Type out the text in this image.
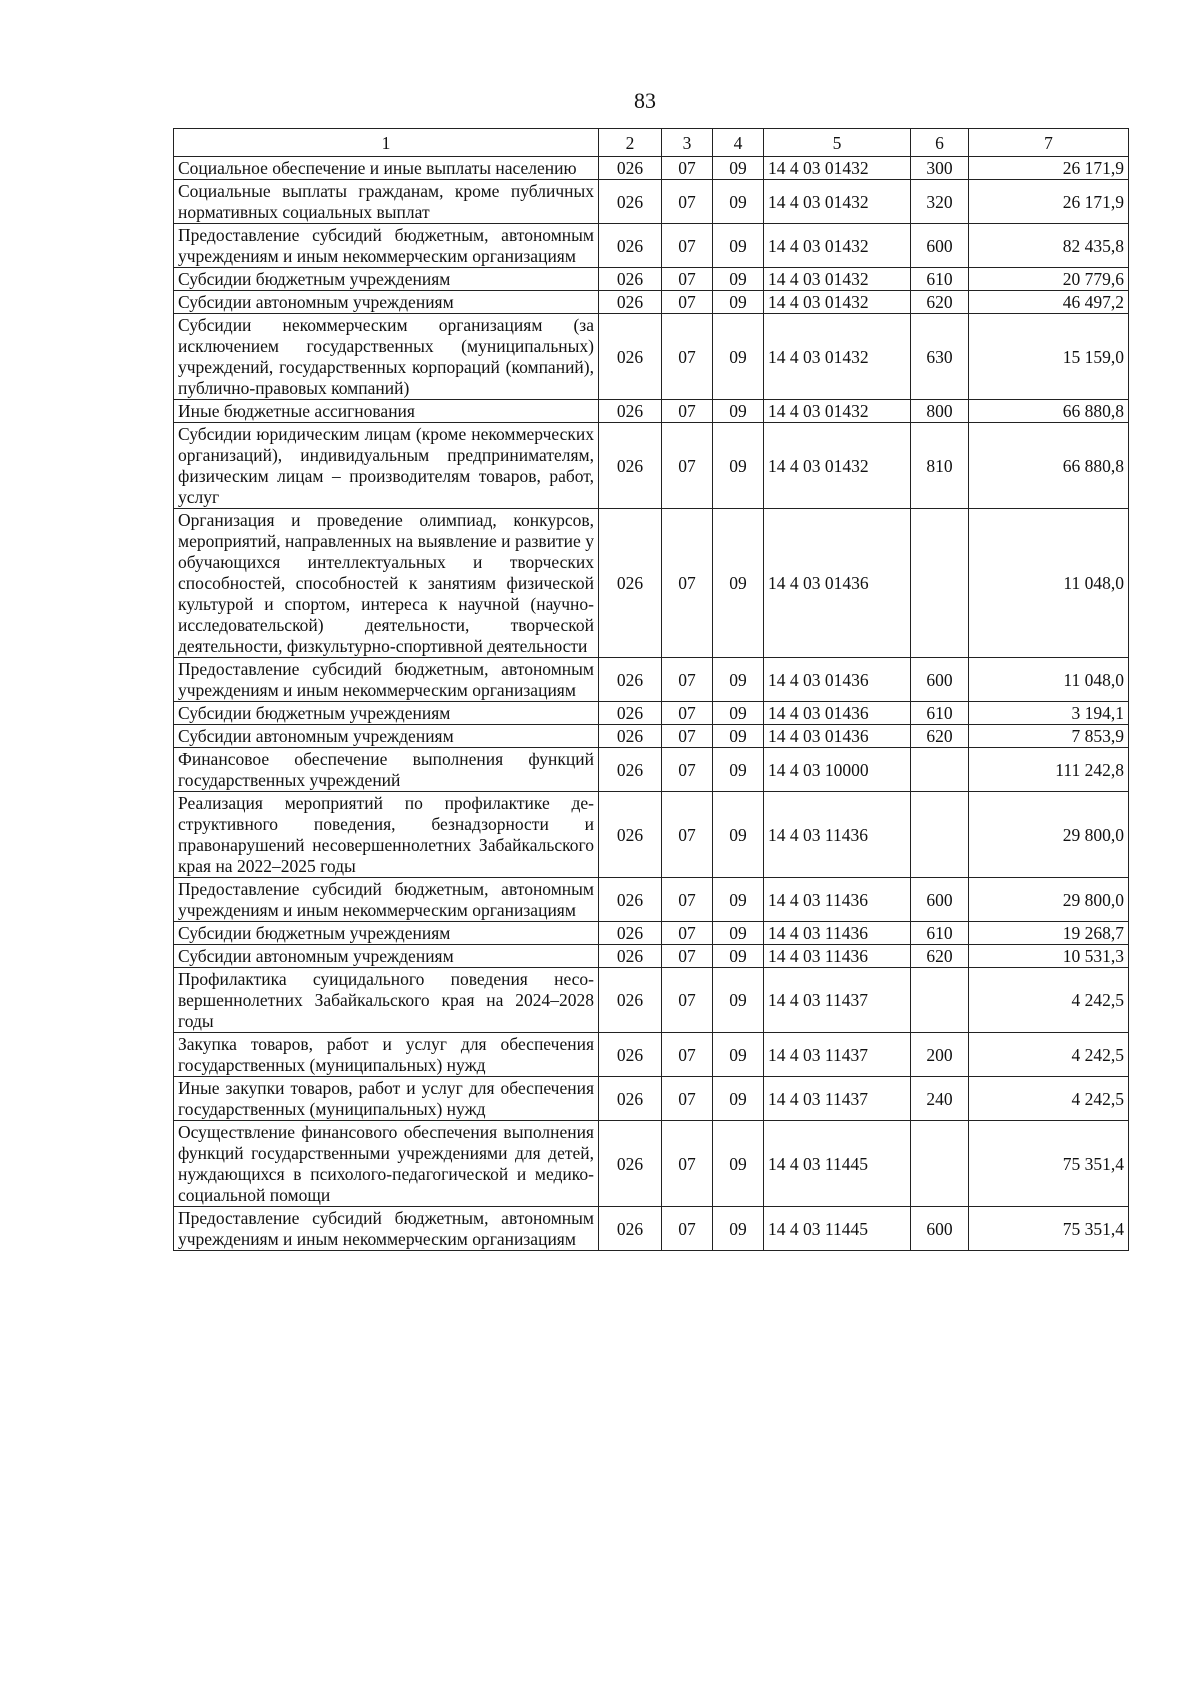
83
1	2	3	4	5	6	7
Социальное обеспечение и иные выплаты населению	026	07	09	14 4 03 01432	300	26 171,9
Социальные выплаты гражданам, кроме публичных нормативных социальных выплат	026	07	09	14 4 03 01432	320	26 171,9
Предоставление субсидий бюджетным, автономным учреждениям и иным некоммерческим организациям	026	07	09	14 4 03 01432	600	82 435,8
Субсидии бюджетным учреждениям	026	07	09	14 4 03 01432	610	20 779,6
Субсидии автономным учреждениям	026	07	09	14 4 03 01432	620	46 497,2
Субсидии некоммерческим организациям (за исключением государственных (муниципальных) учреждений, государственных корпораций (компаний), публично-правовых компаний)	026	07	09	14 4 03 01432	630	15 159,0
Иные бюджетные ассигнования	026	07	09	14 4 03 01432	800	66 880,8
Субсидии юридическим лицам (кроме некоммерческих организаций), индивидуальным предпринимателям, физическим лицам – производителям товаров, работ, услуг	026	07	09	14 4 03 01432	810	66 880,8
Организация и проведение олимпиад, конкурсов, мероприятий, направленных на выявление и развитие у обучающихся интеллектуальных и творческих способностей, способностей к занятиям физической культурой и спортом, интереса к научной (научно-исследовательской) деятельности, творческой деятельности, физкультурно-спортивной деятельности	026	07	09	14 4 03 01436		11 048,0
Предоставление субсидий бюджетным, автономным учреждениям и иным некоммерческим организациям	026	07	09	14 4 03 01436	600	11 048,0
Субсидии бюджетным учреждениям	026	07	09	14 4 03 01436	610	3 194,1
Субсидии автономным учреждениям	026	07	09	14 4 03 01436	620	7 853,9
Финансовое обеспечение выполнения функций государственных учреждений	026	07	09	14 4 03 10000		111 242,8
Реализация мероприятий по профилактике деструктивного поведения, безнадзорности и правонарушений несовершеннолетних Забайкальского края на 2022–2025 годы	026	07	09	14 4 03 11436		29 800,0
Предоставление субсидий бюджетным, автономным учреждениям и иным некоммерческим организациям	026	07	09	14 4 03 11436	600	29 800,0
Субсидии бюджетным учреждениям	026	07	09	14 4 03 11436	610	19 268,7
Субсидии автономным учреждениям	026	07	09	14 4 03 11436	620	10 531,3
Профилактика суицидального поведения несовершеннолетних Забайкальского края на 2024–2028 годы	026	07	09	14 4 03 11437		4 242,5
Закупка товаров, работ и услуг для обеспечения государственных (муниципальных) нужд	026	07	09	14 4 03 11437	200	4 242,5
Иные закупки товаров, работ и услуг для обеспечения государственных (муниципальных) нужд	026	07	09	14 4 03 11437	240	4 242,5
Осуществление финансового обеспечения выполнения функций государственными учреждениями для детей, нуждающихся в психолого-педагогической и медико-социальной помощи	026	07	09	14 4 03 11445		75 351,4
Предоставление субсидий бюджетным, автономным учреждениям и иным некоммерческим организациям	026	07	09	14 4 03 11445	600	75 351,4
